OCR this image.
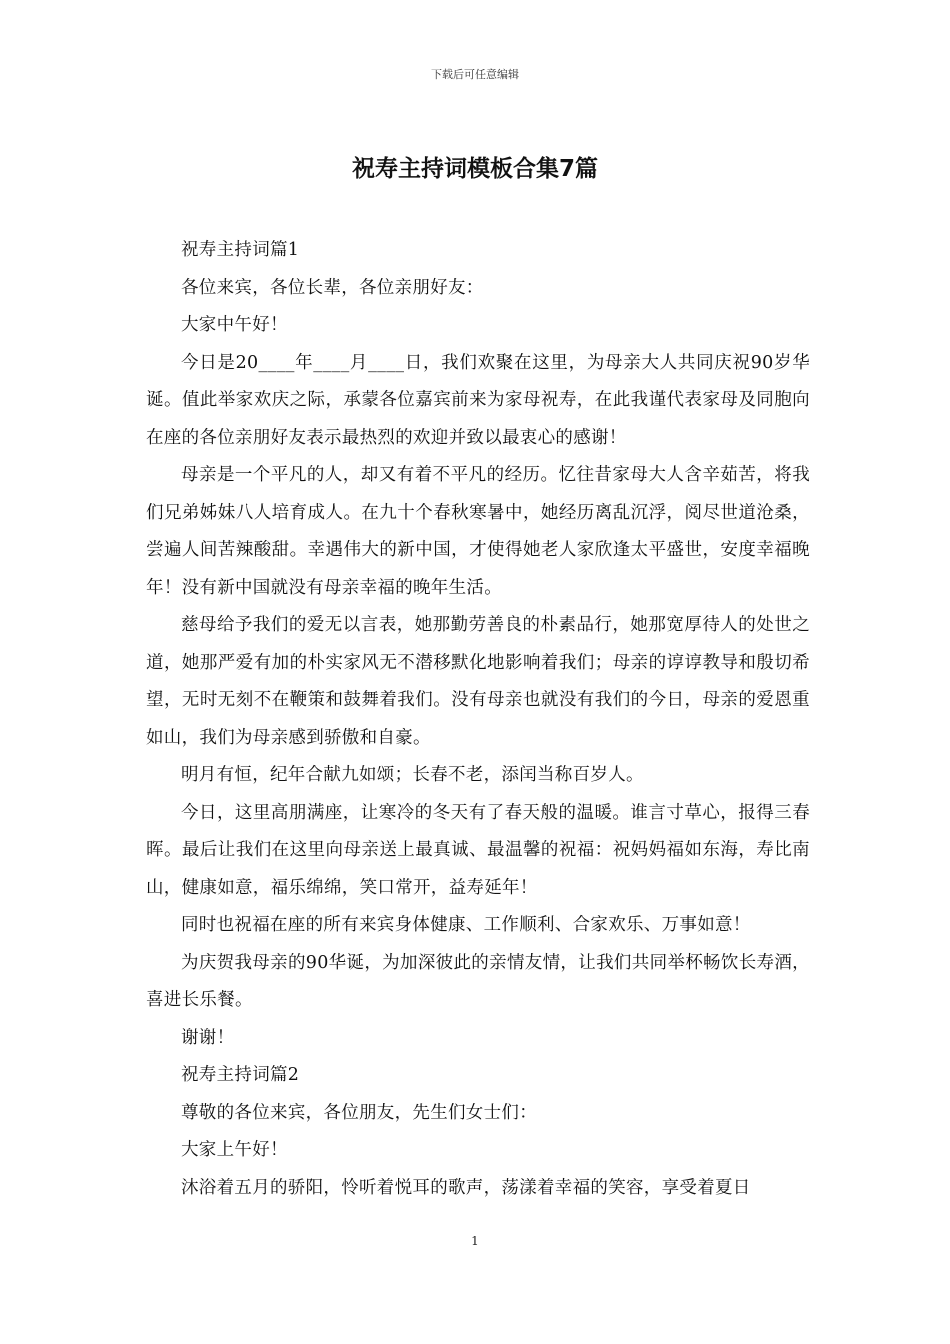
下载后可任意编辑
祝寿主持词模板合集7篇

祝寿主持词篇1

各位来宾，各位长辈，各位亲朋好友：

大家中午好！

今日是20____年____月____日，我们欢聚在这里，为母亲大人共同庆祝90岁华诞。值此举家欢庆之际，承蒙各位嘉宾前来为家母祝寿，在此我谨代表家母及同胞向在座的各位亲朋好友表示最热烈的欢迎并致以最衷心的感谢！

母亲是一个平凡的人，却又有着不平凡的经历。忆往昔家母大人含辛茹苦，将我们兄弟姊妹八人培育成人。在九十个春秋寒暑中，她经历离乱沉浮，阅尽世道沧桑，尝遍人间苦辣酸甜。幸遇伟大的新中国，才使得她老人家欣逢太平盛世，安度幸福晚年！没有新中国就没有母亲幸福的晚年生活。

慈母给予我们的爱无以言表，她那勤劳善良的朴素品行，她那宽厚待人的处世之道，她那严爱有加的朴实家风无不潜移默化地影响着我们；母亲的谆谆教导和殷切希望，无时无刻不在鞭策和鼓舞着我们。没有母亲也就没有我们的今日，母亲的爱恩重如山，我们为母亲感到骄傲和自豪。

明月有恒，纪年合献九如颂；长春不老，添闰当称百岁人。

今日，这里高朋满座，让寒冷的冬天有了春天般的温暖。谁言寸草心，报得三春晖。最后让我们在这里向母亲送上最真诚、最温馨的祝福：祝妈妈福如东海，寿比南山，健康如意，福乐绵绵，笑口常开，益寿延年！

同时也祝福在座的所有来宾身体健康、工作顺利、合家欢乐、万事如意！

为庆贺我母亲的90华诞，为加深彼此的亲情友情，让我们共同举杯畅饮长寿酒，喜进长乐餐。

谢谢！

祝寿主持词篇2

尊敬的各位来宾，各位朋友，先生们女士们：

大家上午好！

沐浴着五月的骄阳，怜听着悦耳的歌声，荡漾着幸福的笑容，享受着夏日

1
